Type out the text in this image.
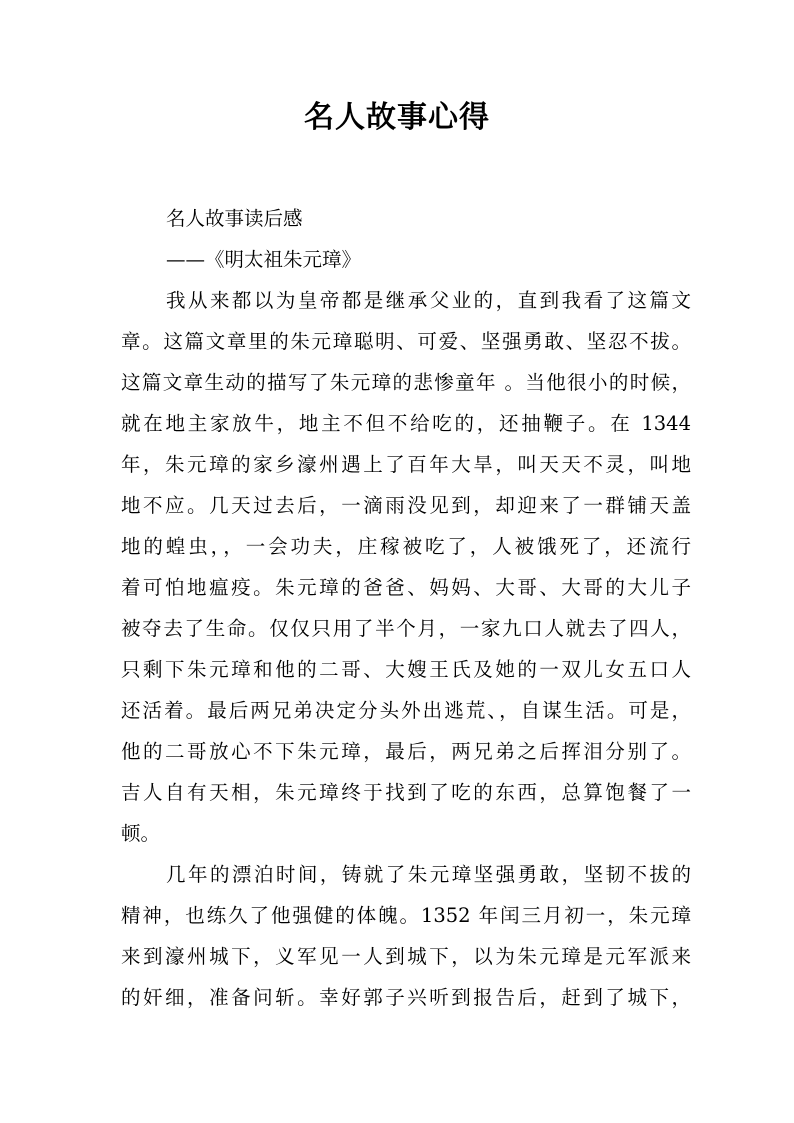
名人故事心得
名人故事读后感
——《明太祖朱元璋》
我从来都以为皇帝都是继承父业的，直到我看了这篇文
章。这篇文章里的朱元璋聪明、可爱、坚强勇敢、坚忍不拔。
这篇文章生动的描写了朱元璋的悲惨童年 。当他很小的时候，
就在地主家放牛，地主不但不给吃的，还抽鞭子。在 1344
年，朱元璋的家乡濠州遇上了百年大旱，叫天天不灵，叫地
地不应。几天过去后，一滴雨没见到，却迎来了一群铺天盖
地的蝗虫，，一会功夫，庄稼被吃了，人被饿死了，还流行
着可怕地瘟疫。朱元璋的爸爸、妈妈、大哥、大哥的大儿子
被夺去了生命。仅仅只用了半个月，一家九口人就去了四人，
只剩下朱元璋和他的二哥、大嫂王氏及她的一双儿女五口人
还活着。最后两兄弟决定分头外出逃荒、，自谋生活。可是，
他的二哥放心不下朱元璋，最后，两兄弟之后挥泪分别了。
吉人自有天相，朱元璋终于找到了吃的东西，总算饱餐了一
顿。
几年的漂泊时间，铸就了朱元璋坚强勇敢，坚韧不拔的
精神，也练久了他强健的体魄。1352 年闰三月初一，朱元璋
来到濠州城下，义军见一人到城下，以为朱元璋是元军派来
的奸细，准备问斩。幸好郭子兴听到报告后，赶到了城下，
